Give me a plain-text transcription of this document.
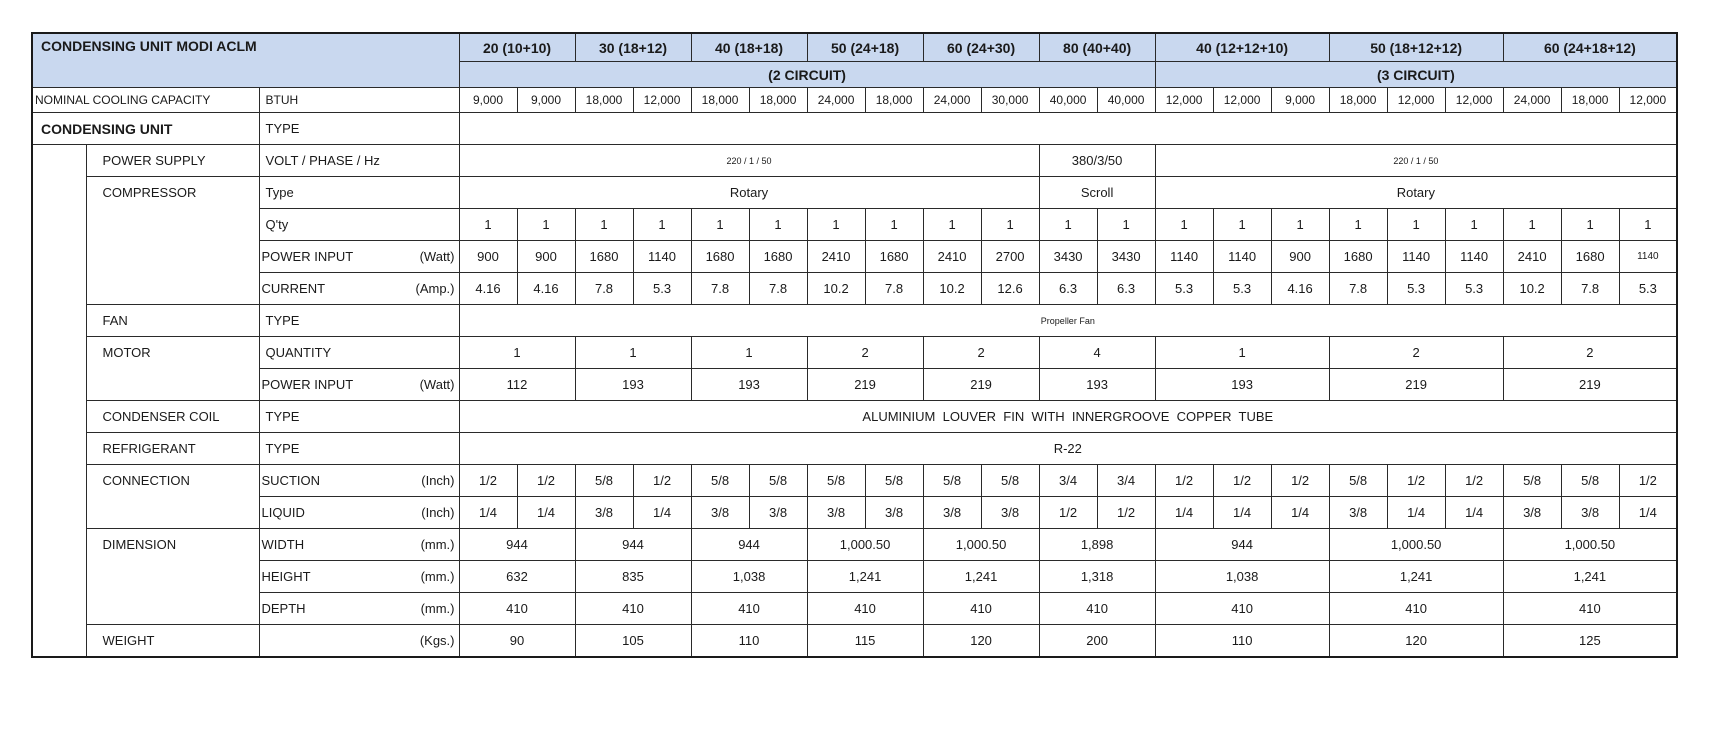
CONDENSING UNIT MODI ACLM			20 (10+10)		30 (18+12)		40 (18+18)		50 (24+18)		60 (24+30)		80 (40+40)		40 (12+12+10)			50 (18+12+12)			60 (24+18+12)		
			(2 CIRCUIT)												(3 CIRCUIT)								
NOMINAL COOLING CAPACITY		BTUH	9,000	9,000	18,000	12,000	18,000	18,000	24,000	18,000	24,000	30,000	40,000	40,000	12,000	12,000	9,000	18,000	12,000	12,000	24,000	18,000	12,000
CONDENSING UNIT		TYPE																					
	POWER SUPPLY	VOLT / PHASE / Hz	220 / 1 / 50										380/3/50		220 / 1 / 50								
	COMPRESSOR	Type	Rotary										Scroll		Rotary								
		Q'ty	1	1	1	1	1	1	1	1	1	1	1	1	1	1	1	1	1	1	1	1	1

		POWER INPUT (Watt)	900	900	1680	1140	1680	1680	2410	1680	2410	2700	3430	3430	1140	1140	900	1680	1140	1140	2410	1680	1140

		CURRENT (Amp.)	4.16	4.16	7.8	5.3	7.8	7.8	10.2	7.8	10.2	12.6	6.3	6.3	5.3	5.3	4.16	7.8	5.3	5.3	10.2	7.8	5.3
	FAN	TYPE	Propeller Fan																				
	MOTOR	QUANTITY	1		1		1		2		2		4		1			2			2		

		POWER INPUT (Watt)	112		193		193		219		219		193		193			219			219		
	CONDENSER COIL	TYPE	ALUMINIUM  LOUVER  FIN  WITH  INNERGROOVE  COPPER  TUBE																				
	REFRIGERANT	TYPE	R-22																				
	CONNECTION	SUCTION (Inch)	1/2	1/2	5/8	1/2	5/8	5/8	5/8	5/8	5/8	5/8	3/4	3/4	1/2	1/2	1/2	5/8	1/2	1/2	5/8	5/8	1/2

		LIQUID (Inch)	1/4	1/4	3/8	1/4	3/8	3/8	3/8	3/8	3/8	3/8	1/2	1/2	1/4	1/4	1/4	3/8	1/4	1/4	3/8	3/8	1/4
	DIMENSION	WIDTH (mm.)	944		944		944		1,000.50		1,000.50		1,898		944			1,000.50			1,000.50		

		HEIGHT (mm.)	632		835		1,038		1,241		1,241		1,318		1,038			1,241			1,241		

		DEPTH (mm.)	410		410		410		410		410		410		410			410			410		
	WEIGHT	(Kgs.)	90		105		110		115		120		200		110			120			125		
